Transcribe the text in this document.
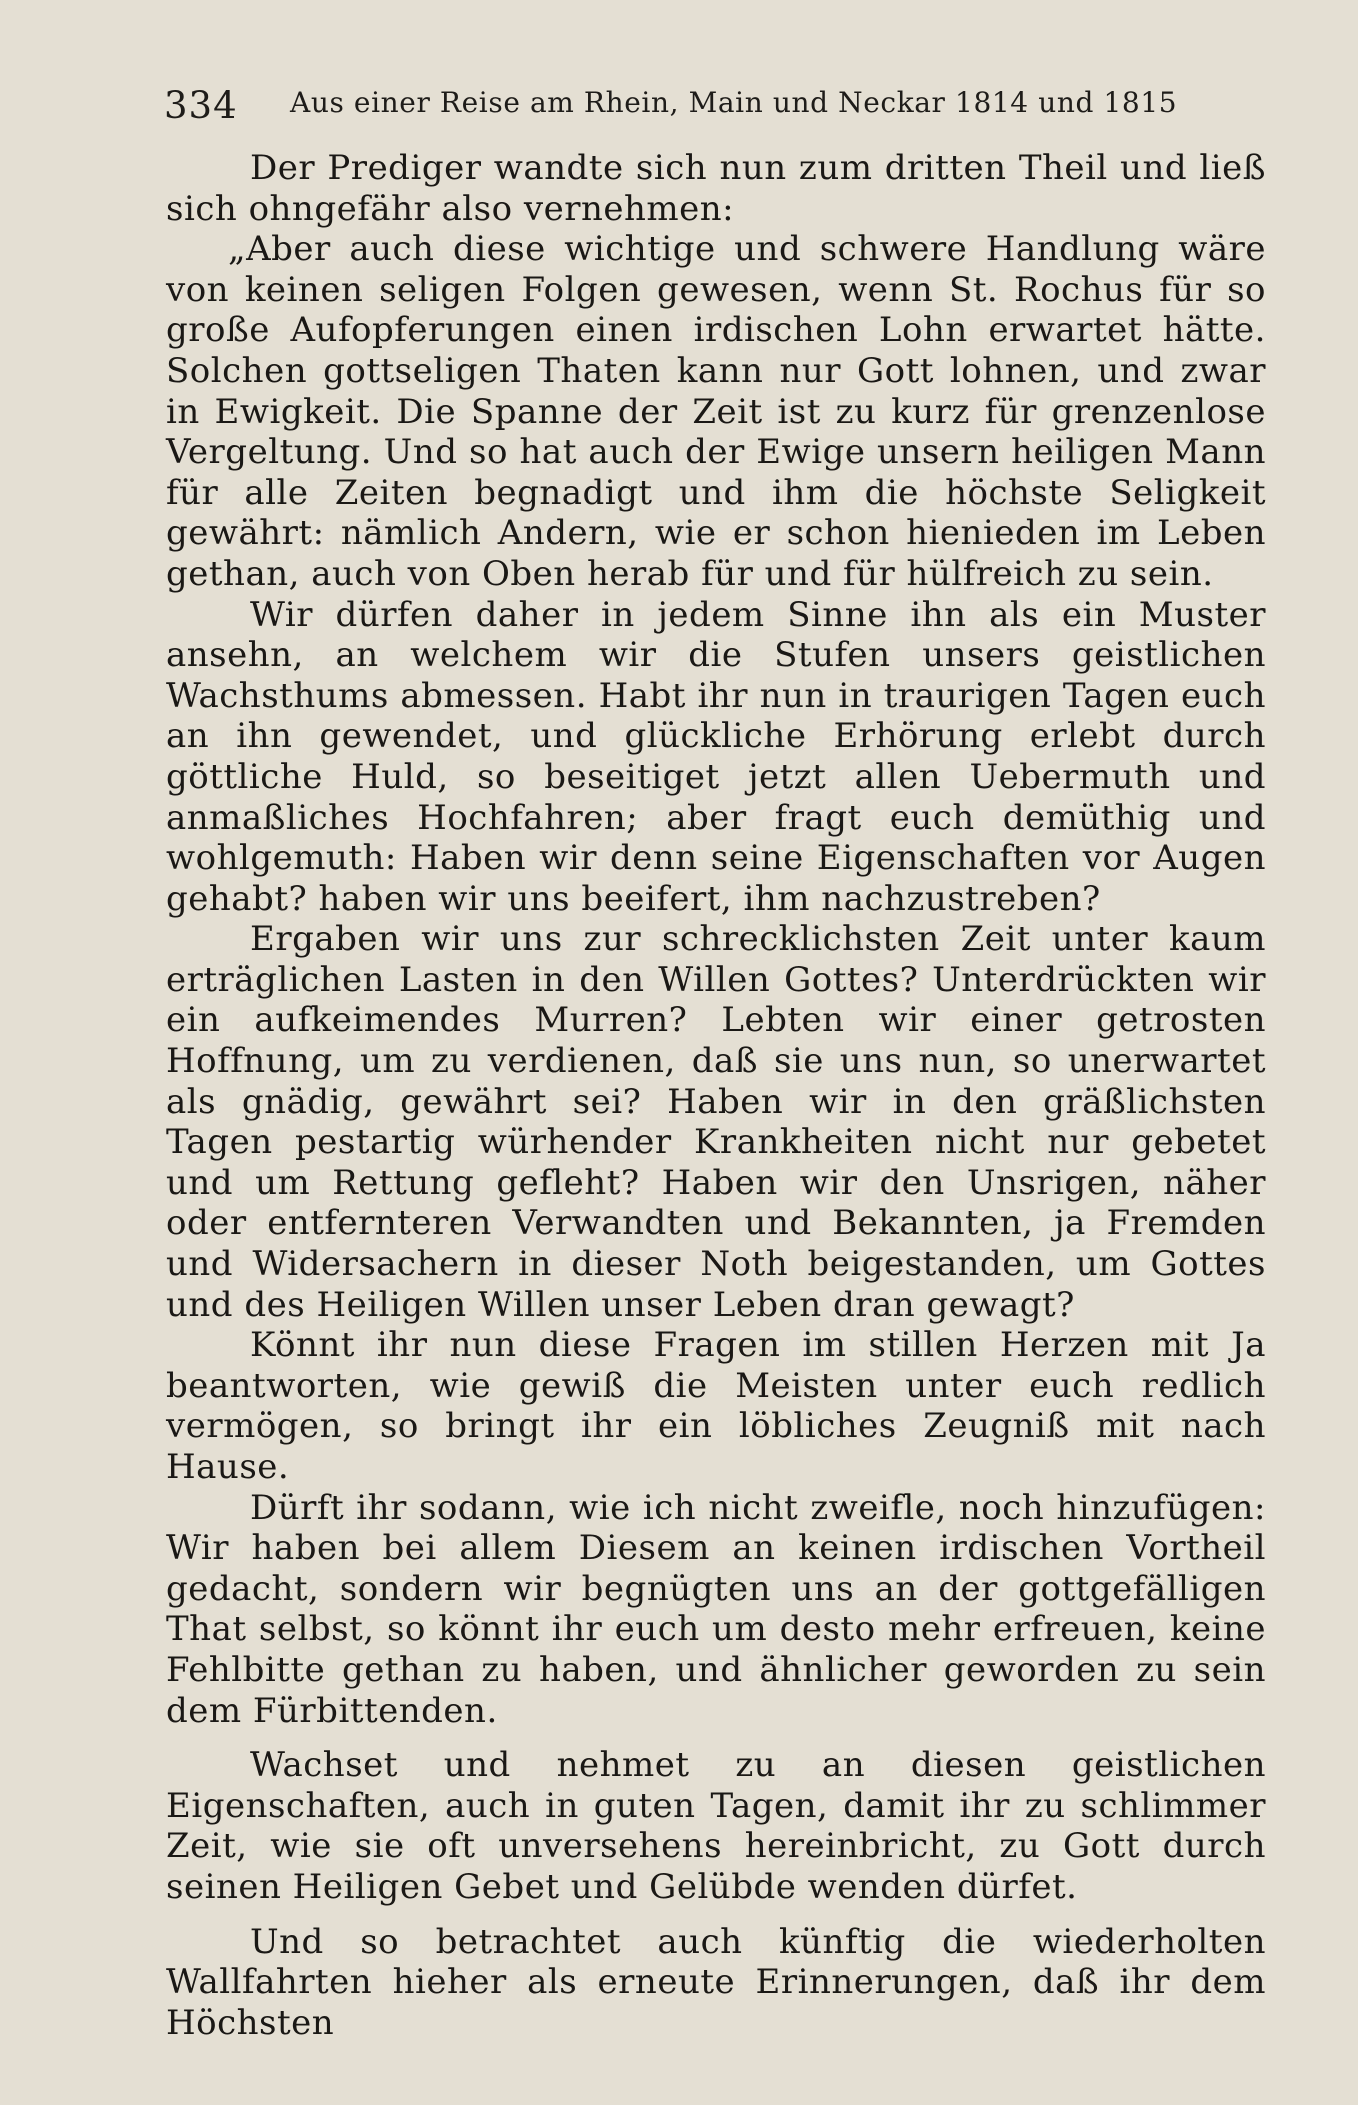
334 Aus einer Reise am Rhein, Main und Neckar 1814 und 1815

Der Prediger wandte sich nun zum dritten Theil und ließ sich ohngefähr also vernehmen:

„Aber auch diese wichtige und schwere Handlung wäre von keinen seligen Folgen gewesen, wenn St. Rochus für so große Aufopferungen einen irdischen Lohn erwartet hätte. Solchen gottseligen Thaten kann nur Gott lohnen, und zwar in Ewigkeit. Die Spanne der Zeit ist zu kurz für grenzenlose Vergeltung. Und so hat auch der Ewige unsern heiligen Mann für alle Zeiten begnadigt und ihm die höchste Seligkeit gewährt: nämlich Andern, wie er schon hienieden im Leben gethan, auch von Oben herab für und für hülfreich zu sein.

Wir dürfen daher in jedem Sinne ihn als ein Muster ansehn, an welchem wir die Stufen unsers geistlichen Wachsthums abmessen. Habt ihr nun in traurigen Tagen euch an ihn gewendet, und glückliche Erhörung erlebt durch göttliche Huld, so beseitiget jetzt allen Uebermuth und anmaßliches Hochfahren; aber fragt euch demüthig und wohlgemuth: Haben wir denn seine Eigenschaften vor Augen gehabt? haben wir uns beeifert, ihm nachzustreben?

Ergaben wir uns zur schrecklichsten Zeit unter kaum erträglichen Lasten in den Willen Gottes? Unterdrückten wir ein aufkeimendes Murren? Lebten wir einer getrosten Hoffnung, um zu verdienen, daß sie uns nun, so unerwartet als gnädig, gewährt sei? Haben wir in den gräßlichsten Tagen pestartig würhender Krankheiten nicht nur gebetet und um Rettung gefleht? Haben wir den Unsrigen, näher oder entfernteren Verwandten und Bekannten, ja Fremden und Widersachern in dieser Noth beigestanden, um Gottes und des Heiligen Willen unser Leben dran gewagt?

Könnt ihr nun diese Fragen im stillen Herzen mit Ja beantworten, wie gewiß die Meisten unter euch redlich vermögen, so bringt ihr ein löbliches Zeugniß mit nach Hause.

Dürft ihr sodann, wie ich nicht zweifle, noch hinzufügen: Wir haben bei allem Diesem an keinen irdischen Vortheil gedacht, sondern wir begnügten uns an der gottgefälligen That selbst, so könnt ihr euch um desto mehr erfreuen, keine Fehlbitte gethan zu haben, und ähnlicher geworden zu sein dem Fürbittenden.

Wachset und nehmet zu an diesen geistlichen Eigenschaften, auch in guten Tagen, damit ihr zu schlimmer Zeit, wie sie oft unversehens hereinbricht, zu Gott durch seinen Heiligen Gebet und Gelübde wenden dürfet.

Und so betrachtet auch künftig die wiederholten Wallfahrten hieher als erneute Erinnerungen, daß ihr dem Höchsten
